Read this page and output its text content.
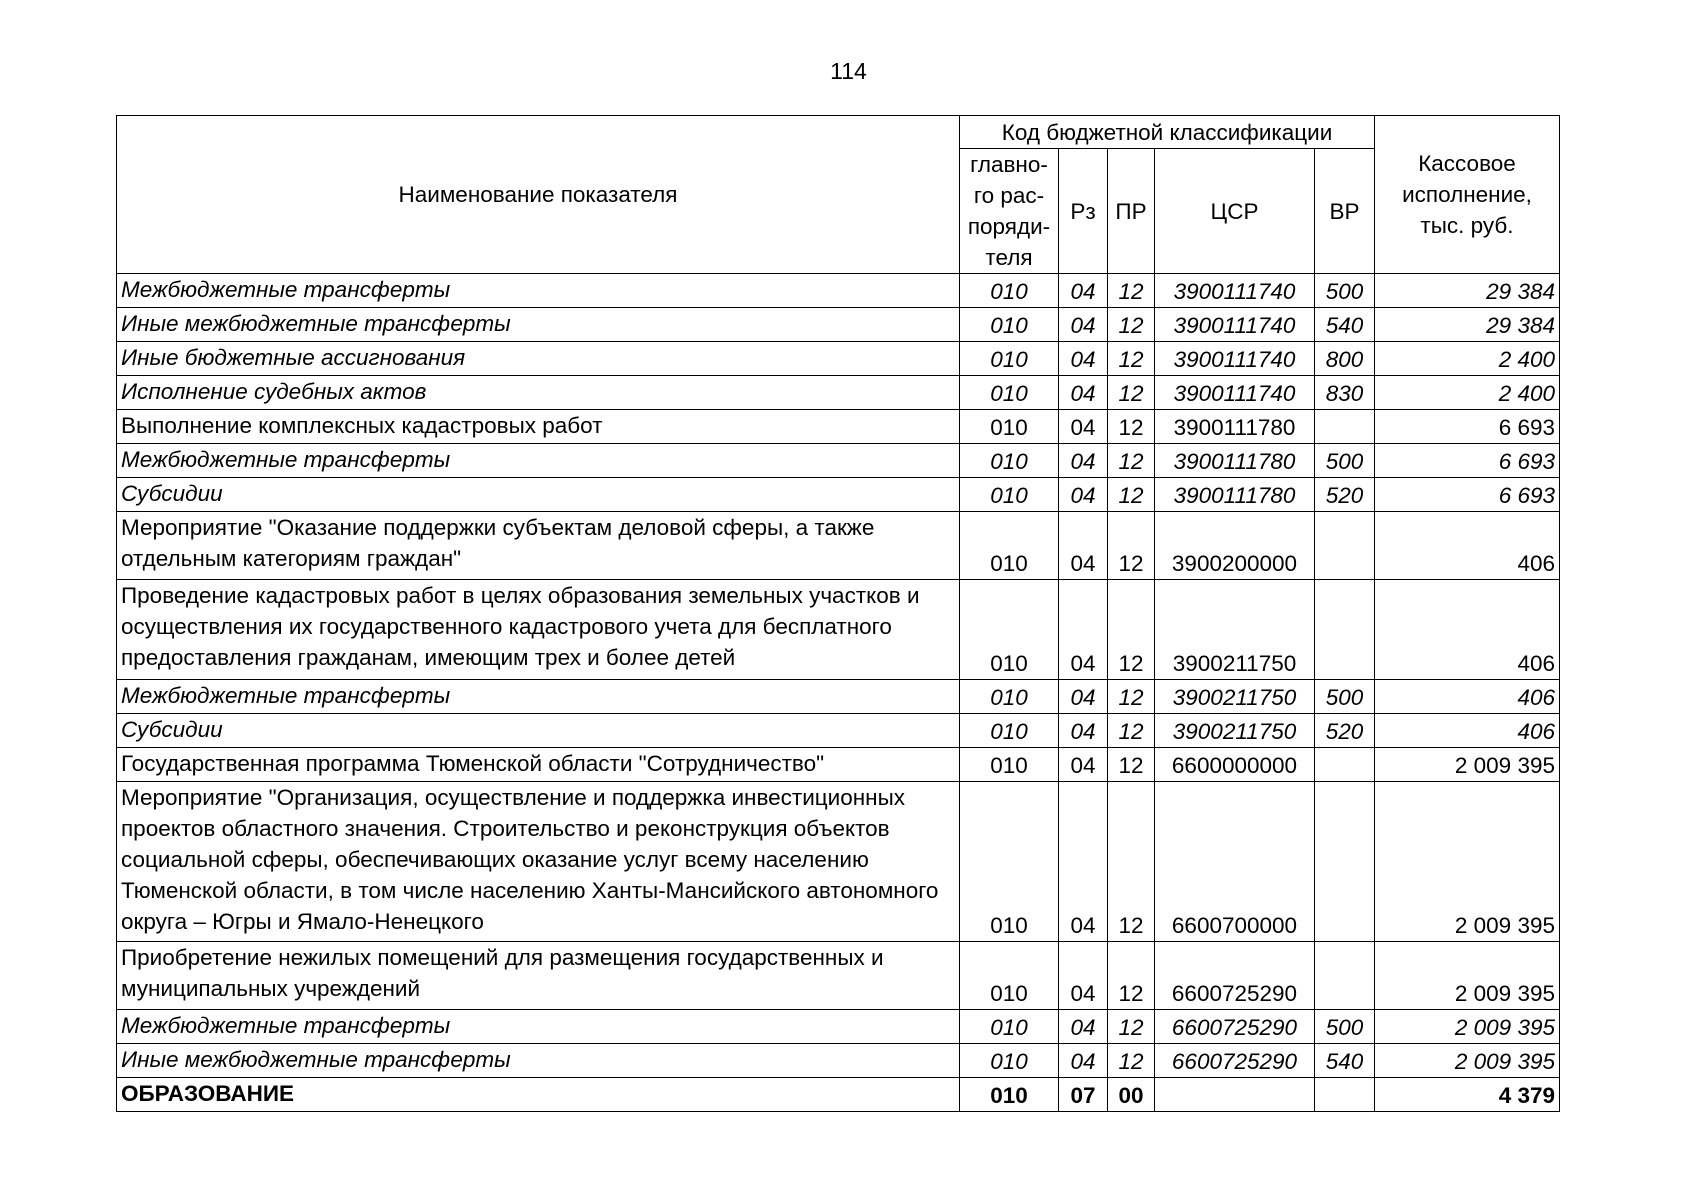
114
Наименование показателя	Код бюджетной классификации					Кассовое исполнение, тыс. руб.
	главно-го рас-поряди-теля	Рз	ПР	ЦСР	ВР	
Межбюджетные трансферты	010	04	12	3900111740	500	29 384
Иные межбюджетные трансферты	010	04	12	3900111740	540	29 384
Иные бюджетные ассигнования	010	04	12	3900111740	800	2 400
Исполнение судебных актов	010	04	12	3900111740	830	2 400
Выполнение комплексных кадастровых работ	010	04	12	3900111780		6 693
Межбюджетные трансферты	010	04	12	3900111780	500	6 693
Субсидии	010	04	12	3900111780	520	6 693
Мероприятие "Оказание поддержки субъектам деловой сферы, а также отдельным категориям граждан"	010	04	12	3900200000		406
Проведение кадастровых работ в целях образования земельных участков и осуществления их государственного кадастрового учета для бесплатного предоставления гражданам, имеющим трех и более детей	010	04	12	3900211750		406
Межбюджетные трансферты	010	04	12	3900211750	500	406
Субсидии	010	04	12	3900211750	520	406
Государственная программа Тюменской области "Сотрудничество"	010	04	12	6600000000		2 009 395
Мероприятие "Организация, осуществление и поддержка инвестиционных проектов областного значения. Строительство и реконструкция объектов социальной сферы, обеспечивающих оказание услуг всему населению Тюменской области, в том числе населению Ханты-Мансийского автономного округа – Югры и Ямало-Ненецкого	010	04	12	6600700000		2 009 395
Приобретение нежилых помещений для размещения государственных и муниципальных учреждений	010	04	12	6600725290		2 009 395
Межбюджетные трансферты	010	04	12	6600725290	500	2 009 395
Иные межбюджетные трансферты	010	04	12	6600725290	540	2 009 395
ОБРАЗОВАНИЕ	010	07	00			4 379
